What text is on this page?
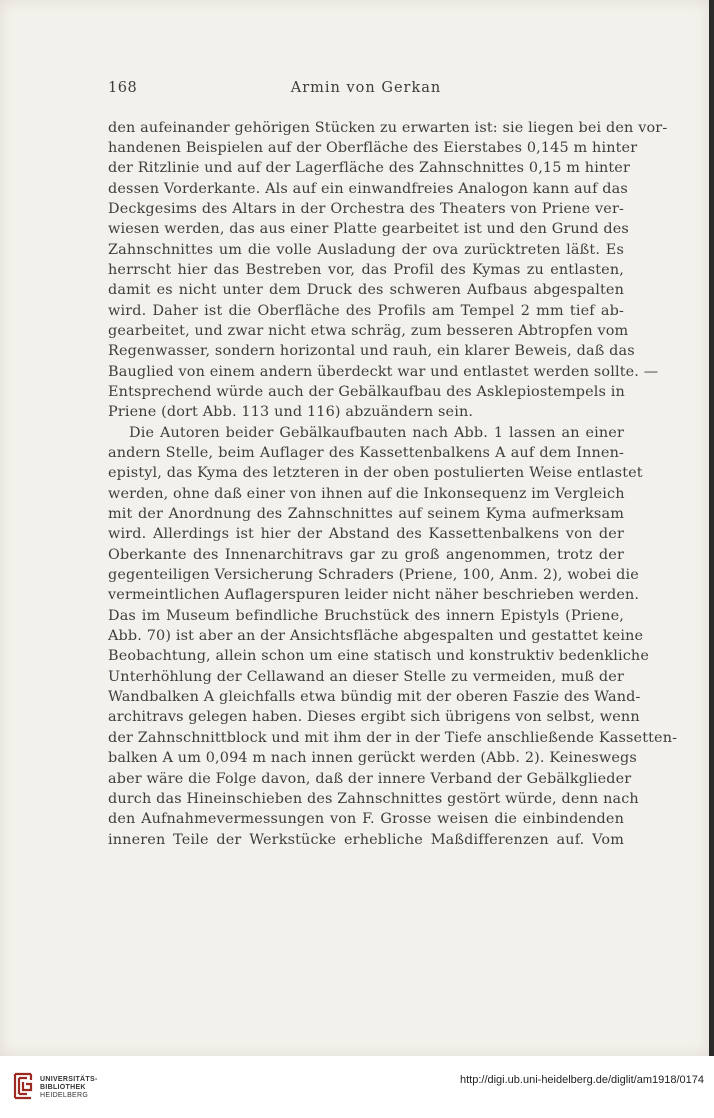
168	Armin von Gerkan
den aufeinander gehörigen Stücken zu erwarten ist: sie liegen bei den vor-
handenen Beispielen auf der Oberfläche des Eierstabes 0,145 m hinter
der Ritzlinie und auf der Lagerfläche des Zahnschnittes 0,15 m hinter
dessen Vorderkante. Als auf ein einwandfreies Analogon kann auf das
Deckgesims des Altars in der Orchestra des Theaters von Priene ver-
wiesen werden, das aus einer Platte gearbeitet ist und den Grund des
Zahnschnittes um die volle Ausladung der ova zurücktreten läßt. Es
herrscht hier das Bestreben vor, das Profil des Kymas zu entlasten,
damit es nicht unter dem Druck des schweren Aufbaus abgespalten
wird. Daher ist die Oberfläche des Profils am Tempel 2 mm tief ab-
gearbeitet, und zwar nicht etwa schräg, zum besseren Abtropfen vom
Regenwasser, sondern horizontal und rauh, ein klarer Beweis, daß das
Bauglied von einem andern überdeckt war und entlastet werden sollte. —
Entsprechend würde auch der Gebälkaufbau des Asklepiostempels in
Priene (dort Abb. 113 und 116) abzuändern sein.
Die Autoren beider Gebälkaufbauten nach Abb. 1 lassen an einer
andern Stelle, beim Auflager des Kassettenbalkens A auf dem Innen-
epistyl, das Kyma des letzteren in der oben postulierten Weise entlastet
werden, ohne daß einer von ihnen auf die Inkonsequenz im Vergleich
mit der Anordnung des Zahnschnittes auf seinem Kyma aufmerksam
wird. Allerdings ist hier der Abstand des Kassettenbalkens von der
Oberkante des Innenarchitravs gar zu groß angenommen, trotz der
gegenteiligen Versicherung Schraders (Priene, 100, Anm. 2), wobei die
vermeintlichen Auflagerspuren leider nicht näher beschrieben werden.
Das im Museum befindliche Bruchstück des innern Epistyls (Priene,
Abb. 70) ist aber an der Ansichtsfläche abgespalten und gestattet keine
Beobachtung, allein schon um eine statisch und konstruktiv bedenkliche
Unterhöhlung der Cellawand an dieser Stelle zu vermeiden, muß der
Wandbalken A gleichfalls etwa bündig mit der oberen Faszie des Wand-
architravs gelegen haben. Dieses ergibt sich übrigens von selbst, wenn
der Zahnschnittblock und mit ihm der in der Tiefe anschließende Kassetten-
balken A um 0,094 m nach innen gerückt werden (Abb. 2). Keineswegs
aber wäre die Folge davon, daß der innere Verband der Gebälkglieder
durch das Hineinschieben des Zahnschnittes gestört würde, denn nach
den Aufnahmevermessungen von F. Grosse weisen die einbindenden
inneren Teile der Werkstücke erhebliche Maßdifferenzen auf. Vom
UNIVERSITÄTS-
BIBLIOTHEK
HEIDELBERG
http://digi.ub.uni-heidelberg.de/diglit/am1918/0174
